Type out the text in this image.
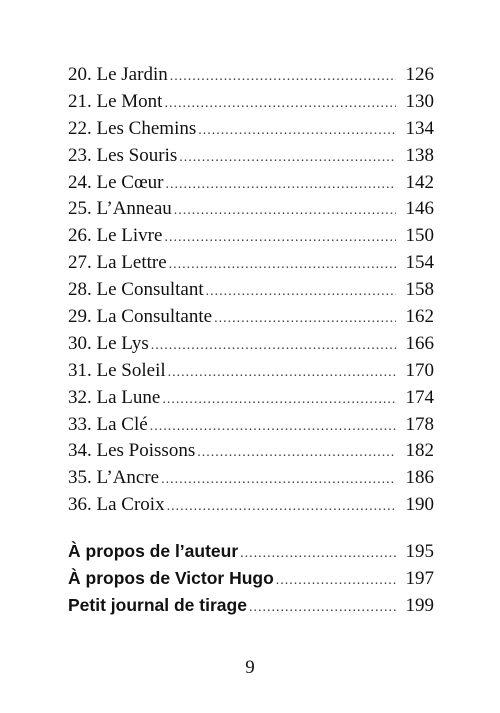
20. Le Jardin .....	126
21. Le Mont .....	130
22. Les Chemins .....	134
23. Les Souris .....	138
24. Le Cœur .....	142
25. L’Anneau .....	146
26. Le Livre .....	150
27. La Lettre .....	154
28. Le Consultant .....	158
29. La Consultante .....	162
30. Le Lys .....	166
31. Le Soleil .....	170
32. La Lune .....	174
33. La Clé .....	178
34. Les Poissons .....	182
35. L’Ancre .....	186
36. La Croix .....	190
À propos de l’auteur .....	195
À propos de Victor Hugo .....	197
Petit journal de tirage .....	199
9
